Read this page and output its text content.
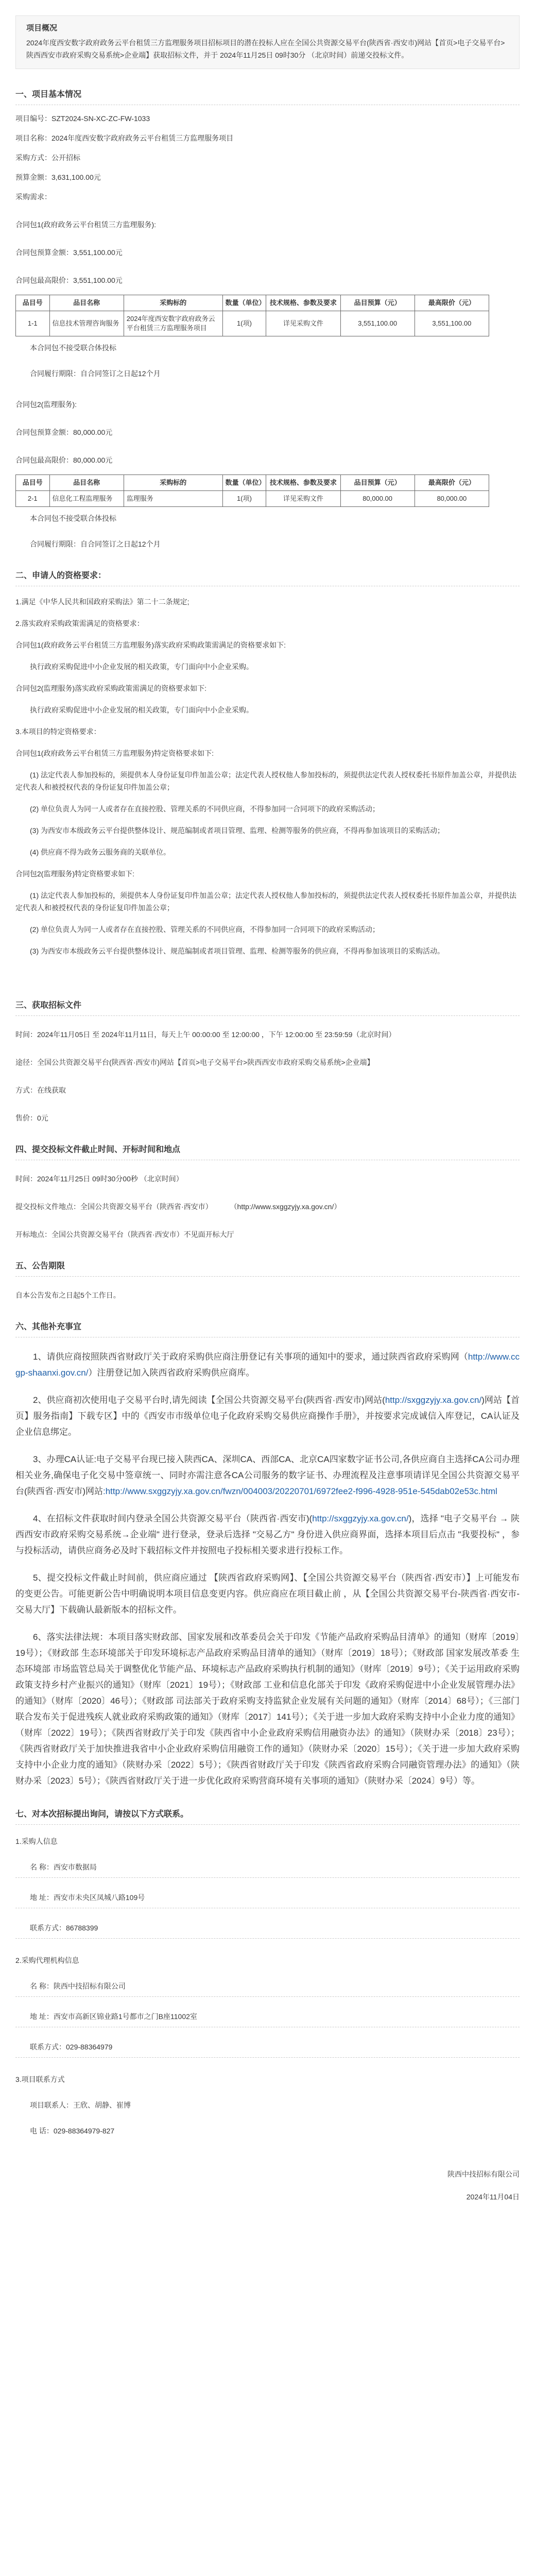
项目概况

2024年度西安数字政府政务云平台租赁三方监理服务项目招标项目的潜在投标人应在全国公共资源交易平台(陕西省·西安市)网站【首页>电子交易平台>陕西西安市政府采购交易系统>企业端】获取招标文件，并于 2024年11月25日 09时30分 （北京时间）前递交投标文件。

一、项目基本情况
项目编号：SZT2024-SN-XC-ZC-FW-1033
项目名称：2024年度西安数字政府政务云平台租赁三方监理服务项目
采购方式：公开招标
预算金额：3,631,100.00元
采购需求：
合同包1(政府政务云平台租赁三方监理服务):
合同包预算金额：3,551,100.00元
合同包最高限价：3,551,100.00元
品目号	品目名称	采购标的	数量（单位）	技术规格、参数及要求	品目预算（元）	最高限价（元）
1-1	信息技术管理咨询服务	2024年度西安数字政府政务云平台租赁三方监理服务项目	1(项)	详见采购文件	3,551,100.00	3,551,100.00
本合同包不接受联合体投标
合同履行期限：自合同签订之日起12个月
合同包2(监理服务):
合同包预算金额：80,000.00元
合同包最高限价：80,000.00元
品目号	品目名称	采购标的	数量（单位）	技术规格、参数及要求	品目预算（元）	最高限价（元）
2-1	信息化工程监理服务	监理服务	1(项)	详见采购文件	80,000.00	80,000.00
本合同包不接受联合体投标
合同履行期限：自合同签订之日起12个月
二、申请人的资格要求：
1.满足《中华人民共和国政府采购法》第二十二条规定;
2.落实政府采购政策需满足的资格要求：
合同包1(政府政务云平台租赁三方监理服务)落实政府采购政策需满足的资格要求如下:
执行政府采购促进中小企业发展的相关政策，专门面向中小企业采购。
合同包2(监理服务)落实政府采购政策需满足的资格要求如下:
执行政府采购促进中小企业发展的相关政策，专门面向中小企业采购。
3.本项目的特定资格要求：
合同包1(政府政务云平台租赁三方监理服务)特定资格要求如下:
(1) 法定代表人参加投标的，须提供本人身份证复印件加盖公章；法定代表人授权他人参加投标的，须提供法定代表人授权委托书原件加盖公章，并提供法定代表人和被授权代表的身份证复印件加盖公章；
(2) 单位负责人为同一人或者存在直接控股、管理关系的不同供应商，不得参加同一合同项下的政府采购活动；
(3) 为西安市本级政务云平台提供整体设计、规范编制或者项目管理、监理、检测等服务的供应商，不得再参加该项目的采购活动；
(4) 供应商不得为政务云服务商的关联单位。
合同包2(监理服务)特定资格要求如下:
(1) 法定代表人参加投标的，须提供本人身份证复印件加盖公章；法定代表人授权他人参加投标的，须提供法定代表人授权委托书原件加盖公章，并提供法定代表人和被授权代表的身份证复印件加盖公章；
(2) 单位负责人为同一人或者存在直接控股、管理关系的不同供应商，不得参加同一合同项下的政府采购活动；
(3) 为西安市本级政务云平台提供整体设计、规范编制或者项目管理、监理、检测等服务的供应商，不得再参加该项目的采购活动。
三、获取招标文件
时间：2024年11月05日 至 2024年11月11日，每天上午 00:00:00 至 12:00:00 ，下午 12:00:00 至 23:59:59（北京时间）
途径：全国公共资源交易平台(陕西省·西安市)网站【首页>电子交易平台>陕西西安市政府采购交易系统>企业端】
方式：在线获取
售价：0元
四、提交投标文件截止时间、开标时间和地点
时间：2024年11月25日 09时30分00秒 （北京时间）
提交投标文件地点：全国公共资源交易平台（陕西省·西安市） （http://www.sxggzyjy.xa.gov.cn/）
开标地点：全国公共资源交易平台（陕西省·西安市）不见面开标大厅
五、公告期限
自本公告发布之日起5个工作日。
六、其他补充事宜
1、请供应商按照陕西省财政厅关于政府采购供应商注册登记有关事项的通知中的要求，通过陕西省政府采购网（http://www.ccgp-shaanxi.gov.cn/）注册登记加入陕西省政府采购供应商库。
2、供应商初次使用电子交易平台时,请先阅读【全国公共资源交易平台(陕西省·西安市)网站(http://sxggzyjy.xa.gov.cn/)网站【首页】服务指南】下载专区】中的《西安市市级单位电子化政府采购交易供应商操作手册》，并按要求完成诚信入库登记，CA认证及企业信息绑定。
3、办理CA认证:电子交易平台现已接入陕西CA、深圳CA、西部CA、北京CA四家数字证书公司,各供应商自主选择CA公司办理相关业务,确保电子化交易中签章统一、同时亦需注意各CA公司服务的数字证书、办理流程及注意事项请详见全国公共资源交易平台(陕西省·西安市)网站:http://www.sxggzyjy.xa.gov.cn/fwzn/004003/20220701/6972fee2-f996-4928-951e-545dab02e53c.html
4、在招标文件获取时间内登录全国公共资源交易平台（陕西省·西安市)(http://sxggzyjy.xa.gov.cn/)，选择 "电子交易平台 → 陕西西安市政府采购交易系统→企业端" 进行登录，登录后选择 "交易乙方" 身份进入供应商界面，选择本项目后点击 "我要投标" ，参与投标活动，请供应商务必及时下载招标文件并按照电子投标相关要求进行投标工作。
5、提交投标文件截止时间前，供应商应通过 【陕西省政府采购网】、【全国公共资源交易平台（陕西省·西安市）】上可能发布的变更公告。可能更新公告中明确说明本项目信息变更内容。供应商应在项目截止前 ，从【全国公共资源交易平台-陕西省·西安市-交易大厅】下载确认最新版本的招标文件。
6、落实法律法规：本项目落实财政部、国家发展和改革委员会关于印发《节能产品政府采购品目清单》的通知（财库〔2019〕19号）；《财政部 生态环境部关于印发环境标志产品政府采购品目清单的通知》（财库〔2019〕18号）；《财政部 国家发展改革委 生态环境部 市场监管总局关于调整优化节能产品、环境标志产品政府采购执行机制的通知》（财库〔2019〕9号）；《关于运用政府采购政策支持乡村产业振兴的通知》（财库〔2021〕19号）；《财政部 工业和信息化部关于印发《政府采购促进中小企业发展管理办法》的通知》（财库〔2020〕46号）；《财政部 司法部关于政府采购支持监狱企业发展有关问题的通知》（财库〔2014〕68号）；《三部门联合发布关于促进残疾人就业政府采购政策的通知》（财库〔2017〕141号）；《关于进一步加大政府采购支持中小企业力度的通知》（财库〔2022〕19号）；《陕西省财政厅关于印发《陕西省中小企业政府采购信用融资办法》的通知》（陕财办采〔2018〕23号）；《陕西省财政厅关于加快推进我省中小企业政府采购信用融资工作的通知》（陕财办采〔2020〕15号）；《关于进一步加大政府采购支持中小企业力度的通知》（陕财办采〔2022〕5号）；《陕西省财政厅关于印发《陕西省政府采购合同融资管理办法》的通知》（陕财办采〔2023〕5号）；《陕西省财政厅关于进一步优化政府采购营商环境有关事项的通知》（陕财办采〔2024〕9号）等。
七、对本次招标提出询问，请按以下方式联系。
1.采购人信息
名 称：西安市数据局
地 址：西安市未央区凤城八路109号
联系方式：86788399
2.采购代理机构信息
名 称：陕西中技招标有限公司
地 址：西安市高新区锦业路1号都市之门B座11002室
联系方式：029-88364979
3.项目联系方式
项目联系人：王欣、胡静、崔博
电 话：029-88364979-827
陕西中技招标有限公司
2024年11月04日
